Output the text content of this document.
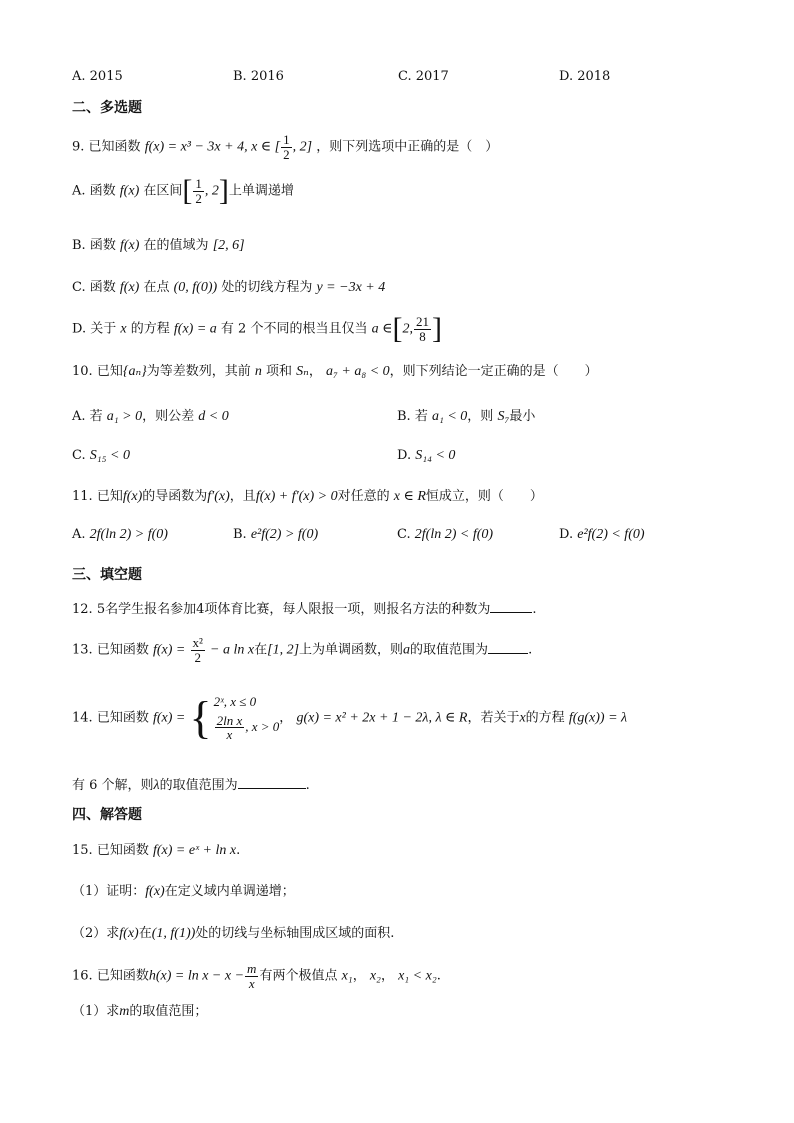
A. 2015	B. 2016	C. 2017	D. 2018
二、多选题
9. 已知函数 f(x) = x³ − 3x + 4, x ∈ [ $\frac{1}{2}$ , 2] ，则下列选项中正确的是（　）
A. 函数 f(x) 在区间[ $\frac{1}{2}$ , 2]上单调递增
B. 函数 f(x) 在的值域为 [2, 6]
C. 函数 f(x) 在点 (0, f(0)) 处的切线方程为 y = −3x + 4
D. 关于 x 的方程 f(x) = a 有 2 个不同的根当且仅当 a ∈[2, $\frac{21}{8}$ ]
10. 已知{aₙ}为等差数列，其前 n 项和 Sₙ， a₇ + a₈ < 0，则下列结论一定正确的是（　　）
A. 若 a₁ > 0，则公差 d < 0	B. 若 a₁ < 0，则 S₇最小
C. S₁₅ < 0	D. S₁₄ < 0
11. 已知f(x)的导函数为f′(x)，且f(x) + f′(x) > 0对任意的 x ∈ R恒成立，则（　　）
A. 2f(ln 2) > f(0)	B. e²f(2) > f(0)	C. 2f(ln 2) < f(0)	D. e²f(2) < f(0)
三、填空题
12. 5名学生报名参加4项体育比赛，每人限报一项，则报名方法的种数为	.
13. 已知函数 $f(x) = \frac{\text{x²}}{2} - a$ ln x在[1, 2]上为单调函数，则a的取值范围为	.
14. 已知函数 f(x) = { 2ˣ, x ≤ 0
$\frac{\text{2ln x}}{x}$ , x > 0
， g(x) = x² + 2x + 1 − 2λ, λ ∈ R，若关于x的方程 f(g(x)) = λ
有 6 个解，则λ的取值范围为	.
四、解答题
15. 已知函数 f(x) = eˣ + ln x.
（1）证明：f(x)在定义域内单调递增；
（2）求f(x)在(1, f(1))处的切线与坐标轴围成区域的面积.
16. 已知函数$h(x) = \ln x - x - \frac{m}{x}$ 有两个极值点 x₁， x₂， x₁ < x₂.
（1）求m的取值范围；
